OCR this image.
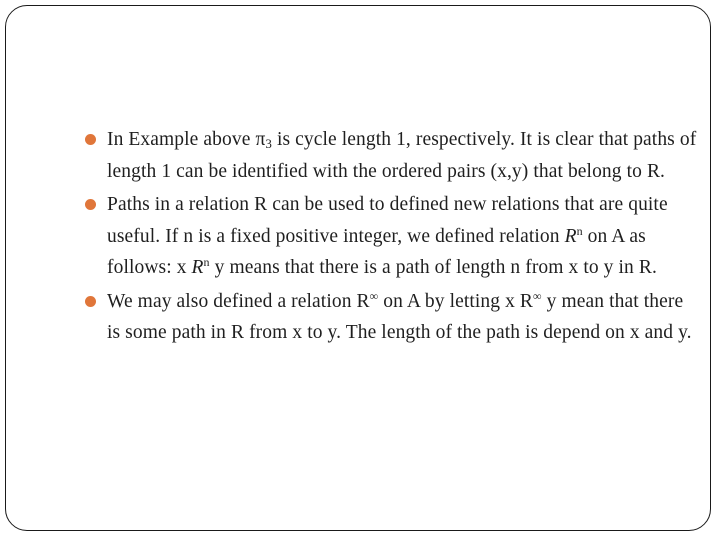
In Example above $\pi_3$ is cycle length 1, respectively. It is clear that paths of length 1 can be identified with the ordered pairs (x,y) that belong to R.
Paths in a relation R can be used to defined new relations that are quite useful. If n is a fixed positive integer, we defined relation $R^n$ on A as follows: x $R^n$ y means that there is a path of length n from x to y in R.
We may also defined a relation R∞ on A by letting x R∞ y mean that there is some path in R from x to y. The length of the path is depend on x and y.
